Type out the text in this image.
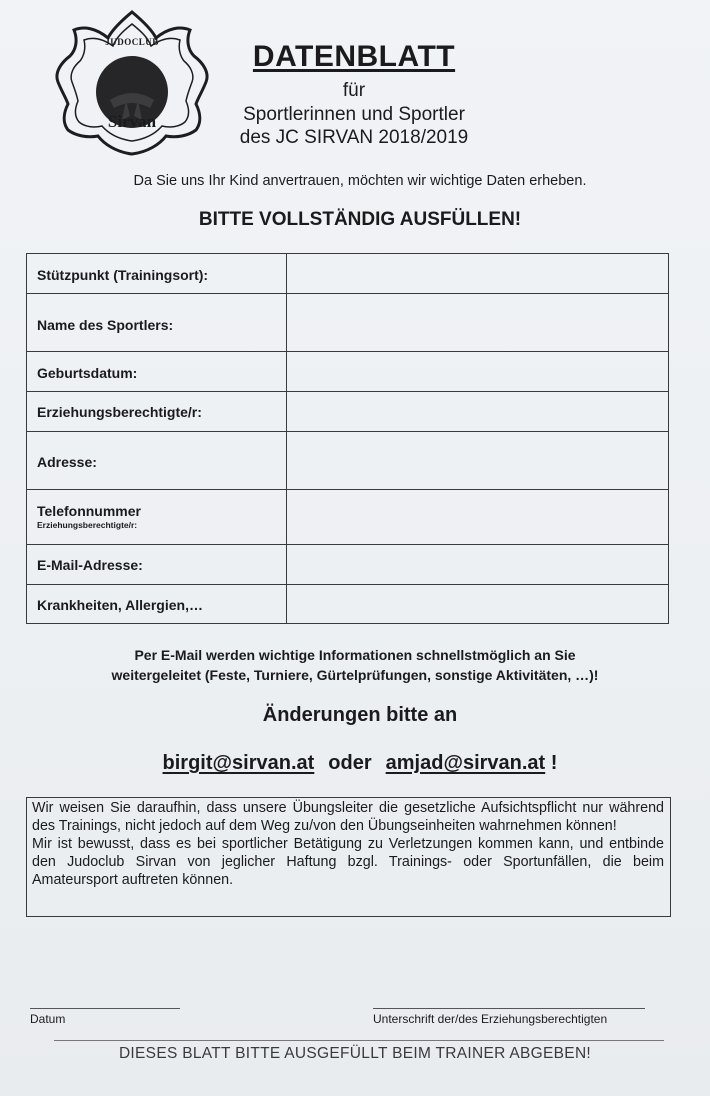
JUDOCLUB
Sirvan
DATENBLATT
für
Sportlerinnen und Sportler
des JC SIRVAN 2018/2019
Da Sie uns Ihr Kind anvertrauen, möchten wir wichtige Daten erheben.
BITTE VOLLSTÄNDIG AUSFÜLLEN!
Stützpunkt (Trainingsort):
Name des Sportlers:
Geburtsdatum:
Erziehungsberechtigte/r:
Adresse:
Telefonnummer
Erziehungsberechtigte/r:
E-Mail-Adresse:
Krankheiten, Allergien,…
Per E-Mail werden wichtige Informationen schnellstmöglich an Sie
weitergeleitet (Feste, Turniere, Gürtelprüfungen, sonstige Aktivitäten, …)!
Änderungen bitte an
birgit@sirvan.at oder amjad@sirvan.at !

Wir weisen Sie daraufhin, dass unsere Übungsleiter die gesetzliche Aufsichtspflicht nur während des Trainings, nicht jedoch auf dem Weg zu/von den Übungseinheiten wahrnehmen können!

Mir ist bewusst, dass es bei sportlicher Betätigung zu Verletzungen kommen kann, und entbinde den Judoclub Sirvan von jeglicher Haftung bzgl. Trainings- oder Sportunfällen, die beim Amateursport auftreten können.

Datum	Unterschrift der/des Erziehungsberechtigten
DIESES BLATT BITTE AUSGEFÜLLT BEIM TRAINER ABGEBEN!
